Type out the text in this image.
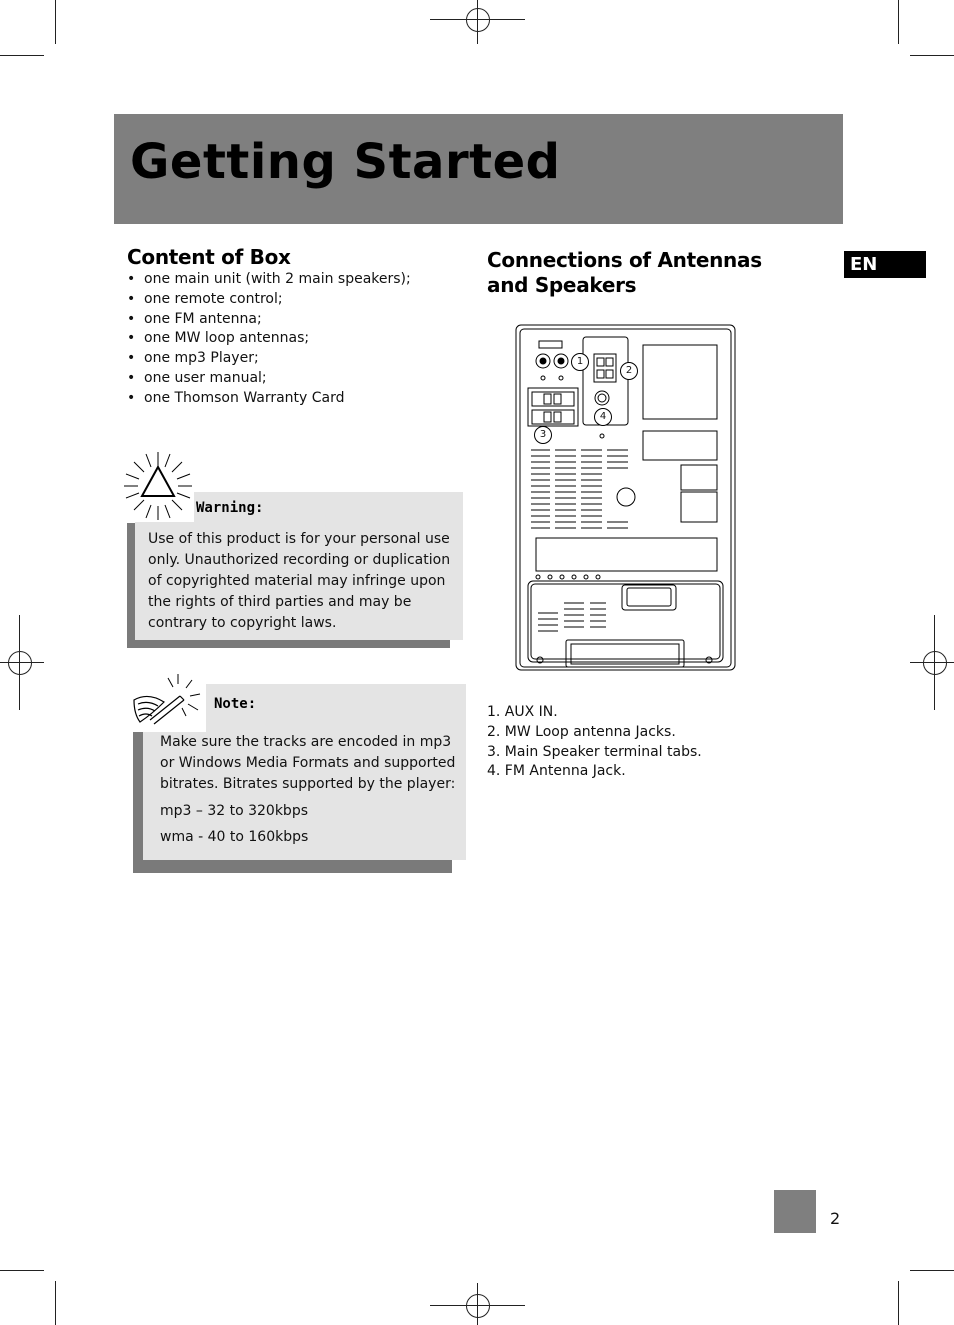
Getting Started
EN
Content of Box
• one main unit (with 2 main speakers);
• one remote control;
• one FM antenna;
• one MW loop antennas;
• one mp3 Player;
• one user manual;
• one Thomson Warranty Card
Warning:
Use of this product is for your personal use only. Unauthorized recording or duplication of copyrighted material may infringe upon the rights of third parties and may be contrary to copyright laws.
Note:

Make sure the tracks are encoded in mp3 or Windows Media Formats and supported bitrates. Bitrates supported by the player:

mp3 – 32 to 320kbps

wma - 40 to 160kbps

Connections of Antennas and Speakers
1
2
3
4
1. AUX IN.
2. MW Loop antenna Jacks.
3. Main Speaker terminal tabs.
4. FM Antenna Jack.
2
